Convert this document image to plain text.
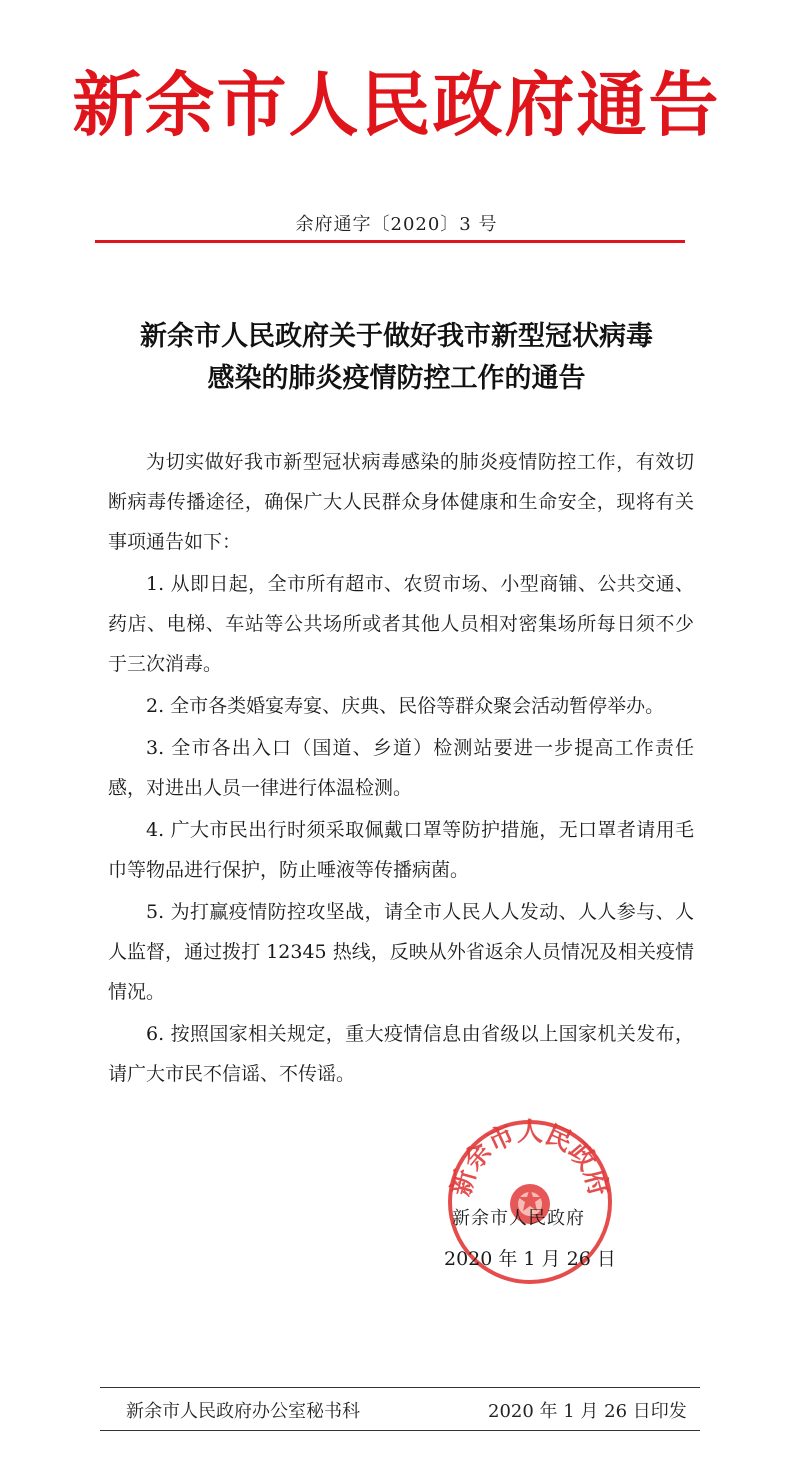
新余市人民政府通告
余府通字〔2020〕3 号
新余市人民政府关于做好我市新型冠状病毒
感染的肺炎疫情防控工作的通告

为切实做好我市新型冠状病毒感染的肺炎疫情防控工作，有效切断病毒传播途径，确保广大人民群众身体健康和生命安全，现将有关事项通告如下：

1. 从即日起，全市所有超市、农贸市场、小型商铺、公共交通、药店、电梯、车站等公共场所或者其他人员相对密集场所每日须不少于三次消毒。

2. 全市各类婚宴寿宴、庆典、民俗等群众聚会活动暂停举办。

3. 全市各出入口（国道、乡道）检测站要进一步提高工作责任感，对进出人员一律进行体温检测。

4. 广大市民出行时须采取佩戴口罩等防护措施，无口罩者请用毛巾等物品进行保护，防止唾液等传播病菌。

5. 为打赢疫情防控攻坚战，请全市人民人人发动、人人参与、人人监督，通过拨打 12345 热线，反映从外省返余人员情况及相关疫情情况。

6. 按照国家相关规定，重大疫情信息由省级以上国家机关发布，请广大市民不信谣、不传谣。

新余市人民政府
新余市人民政府
2020 年 1 月 26 日
新余市人民政府办公室秘书科	2020 年 1 月 26 日印发
